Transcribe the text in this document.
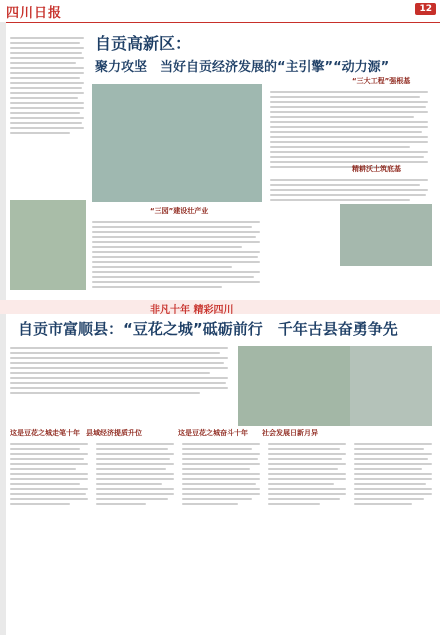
四川日报	12
自贡高新区：
聚力攻坚　当好自贡经济发展的“主引擎”“动力源”
“三园”建设壮产业
“三大工程”强根基
精耕沃土筑底基
非凡十年 精彩四川
自贡市富顺县：“豆花之城”砥砺前行　千年古县奋勇争先
这是豆花之城走笔十年 县域经济提质升位	这是豆花之城奋斗十年 社会发展日新月异
